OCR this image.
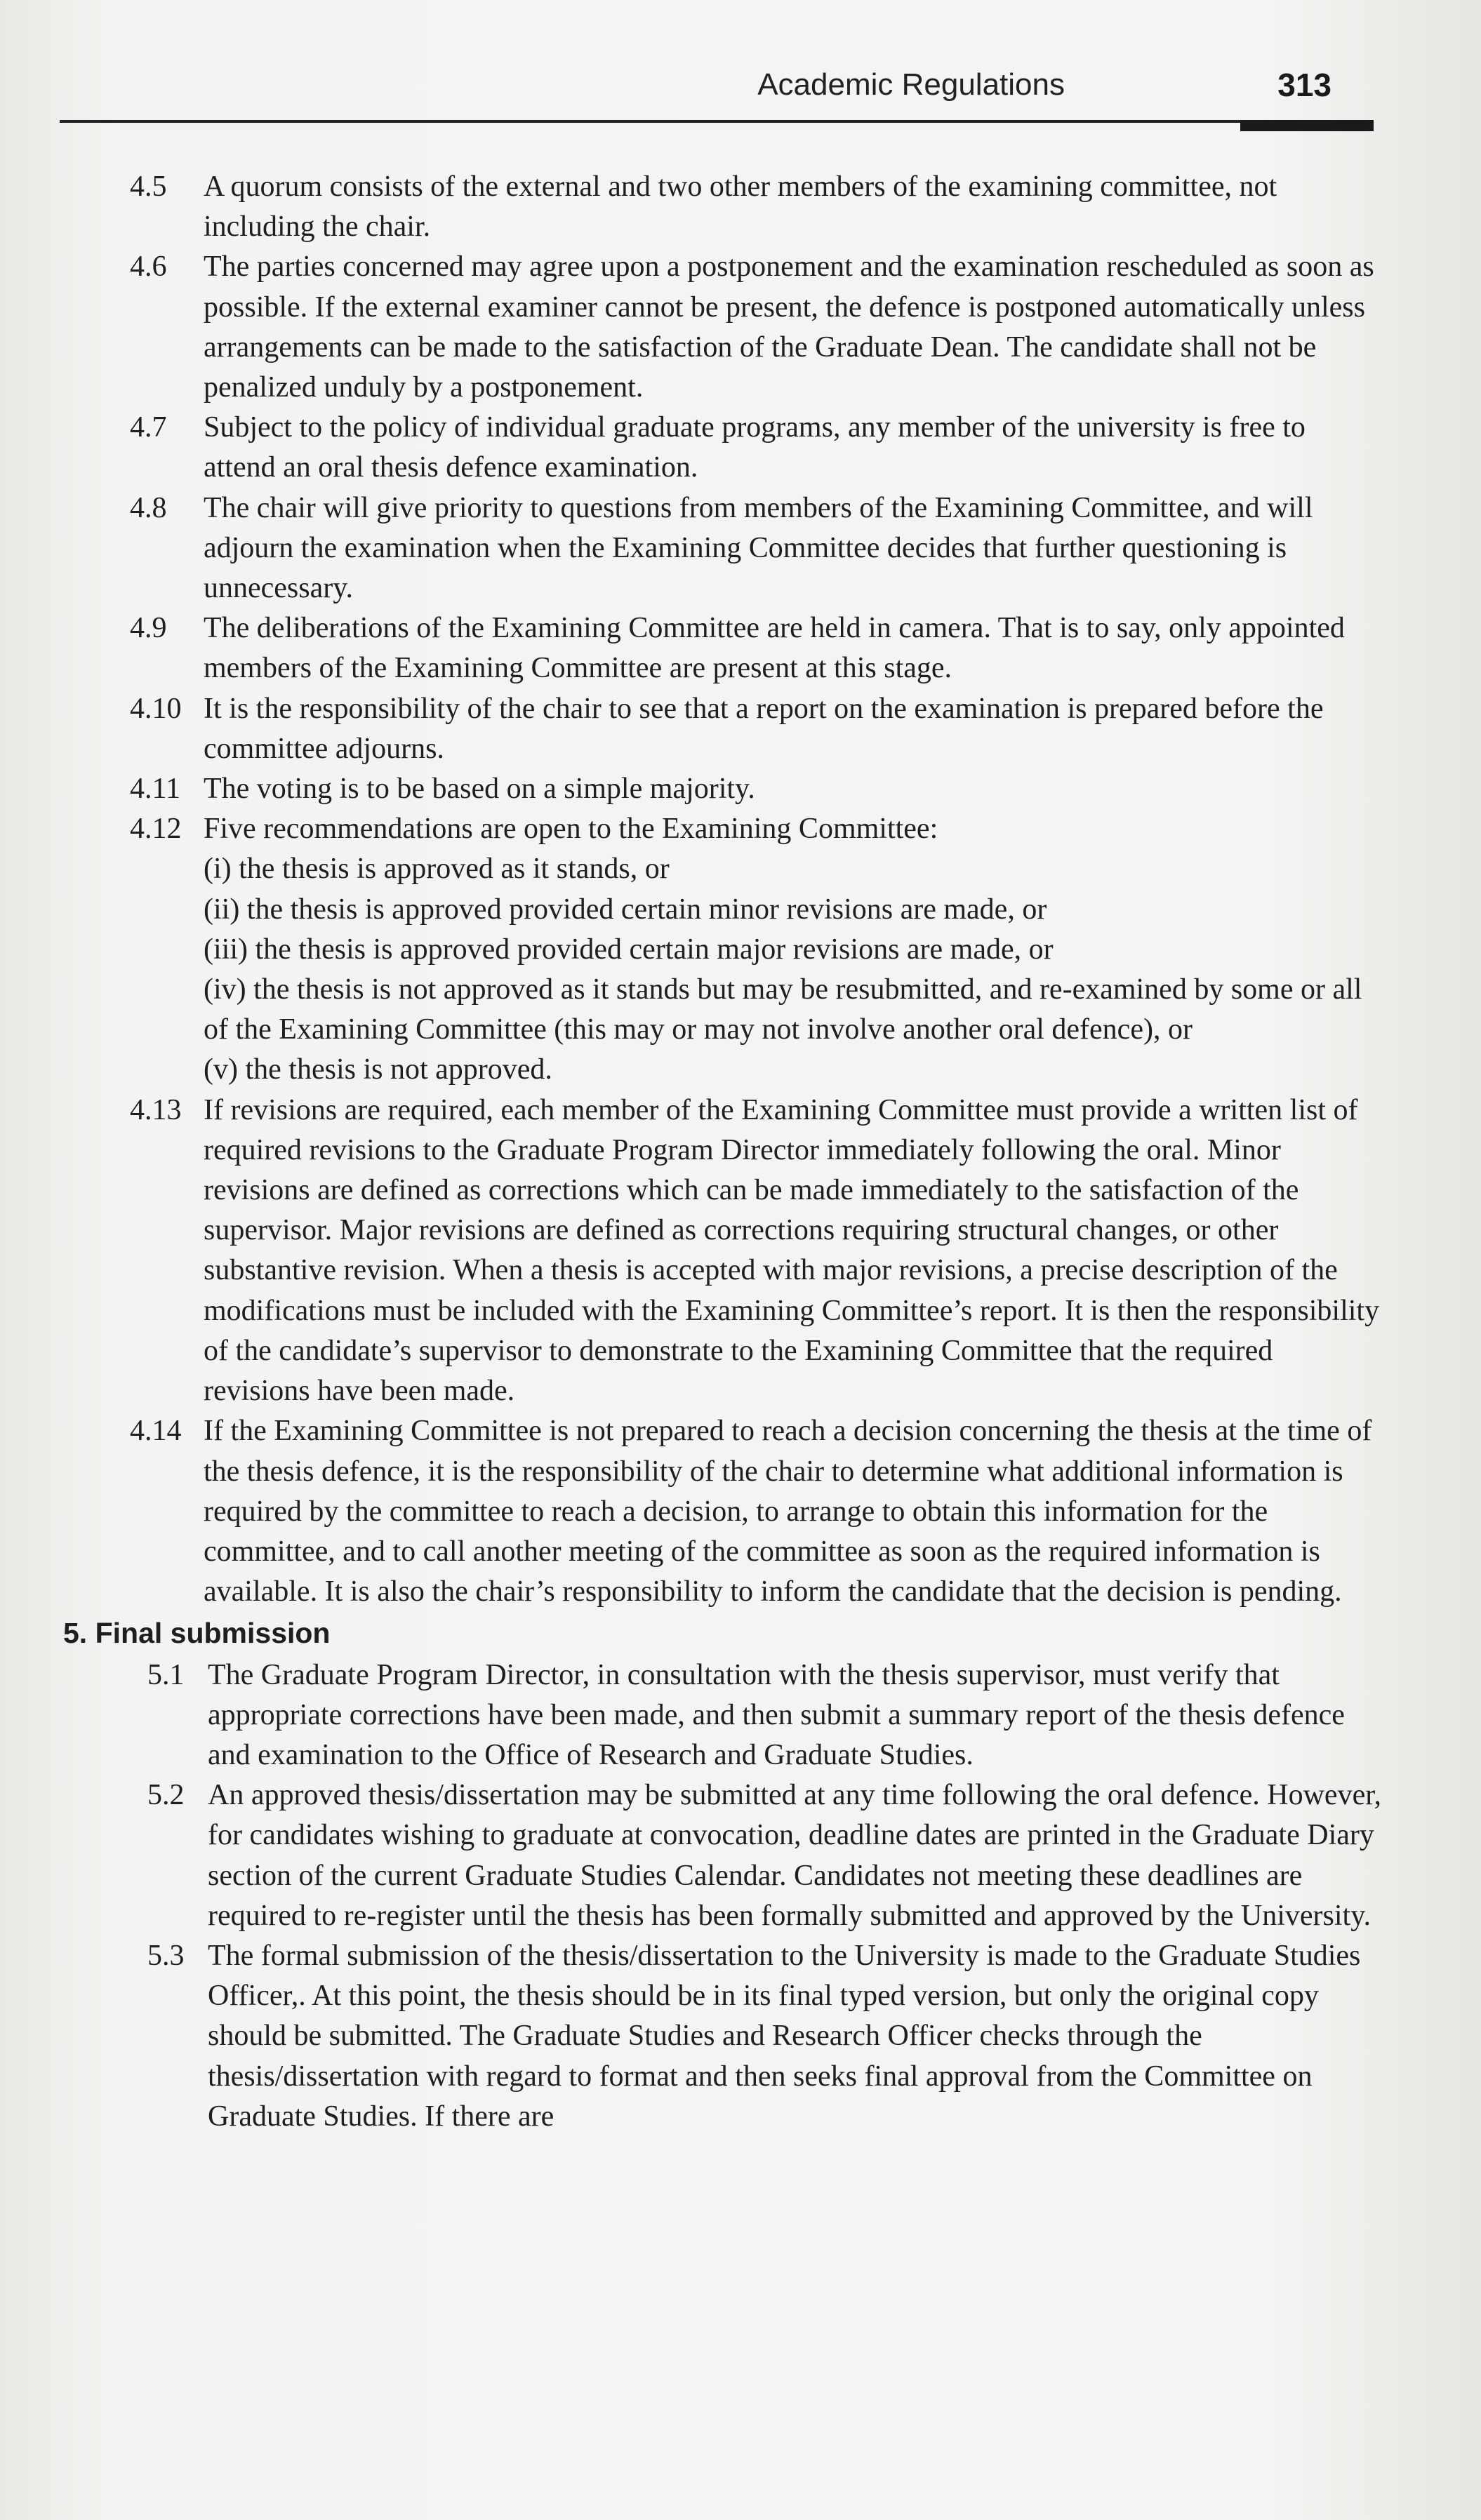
Academic Regulations	313
4.5 A quorum consists of the external and two other members of the examining committee, not including the chair.
4.6 The parties concerned may agree upon a postponement and the examination rescheduled as soon as possible. If the external examiner cannot be present, the defence is postponed automatically unless arrangements can be made to the satisfaction of the Graduate Dean. The candidate shall not be penalized unduly by a postponement.
4.7 Subject to the policy of individual graduate programs, any member of the university is free to attend an oral thesis defence examination.
4.8 The chair will give priority to questions from members of the Examining Committee, and will adjourn the examination when the Examining Committee decides that further questioning is unnecessary.
4.9 The deliberations of the Examining Committee are held in camera. That is to say, only appointed members of the Examining Committee are present at this stage.
4.10 It is the responsibility of the chair to see that a report on the examination is prepared before the committee adjourns.
4.11 The voting is to be based on a simple majority.
4.12 Five recommendations are open to the Examining Committee:
(i) the thesis is approved as it stands, or
(ii) the thesis is approved provided certain minor revisions are made, or
(iii) the thesis is approved provided certain major revisions are made, or
(iv) the thesis is not approved as it stands but may be resubmitted, and re-examined by some or all of the Examining Committee (this may or may not involve another oral defence), or
(v) the thesis is not approved.
4.13 If revisions are required, each member of the Examining Committee must provide a written list of required revisions to the Graduate Program Director immediately following the oral. Minor revisions are defined as corrections which can be made immediately to the satisfaction of the supervisor. Major revisions are defined as corrections requiring structural changes, or other substantive revision. When a thesis is accepted with major revisions, a precise description of the modifications must be included with the Examining Committee’s report. It is then the responsibility of the candidate’s supervisor to demonstrate to the Examining Committee that the required revisions have been made.
4.14 If the Examining Committee is not prepared to reach a decision concerning the thesis at the time of the thesis defence, it is the responsibility of the chair to determine what additional information is required by the committee to reach a decision, to arrange to obtain this information for the committee, and to call another meeting of the committee as soon as the required information is available. It is also the chair’s responsibility to inform the candidate that the decision is pending.
5. Final submission
5.1 The Graduate Program Director, in consultation with the thesis supervisor, must verify that appropriate corrections have been made, and then submit a summary report of the thesis defence and examination to the Office of Research and Graduate Studies.
5.2 An approved thesis/dissertation may be submitted at any time following the oral defence. However, for candidates wishing to graduate at convocation, deadline dates are printed in the Graduate Diary section of the current Graduate Studies Calendar. Candidates not meeting these deadlines are required to re-register until the thesis has been formally submitted and approved by the University.
5.3 The formal submission of the thesis/dissertation to the University is made to the Graduate Studies Officer,. At this point, the thesis should be in its final typed version, but only the original copy should be submitted. The Graduate Studies and Research Officer checks through the thesis/dissertation with regard to format and then seeks final approval from the Committee on Graduate Studies. If there are
